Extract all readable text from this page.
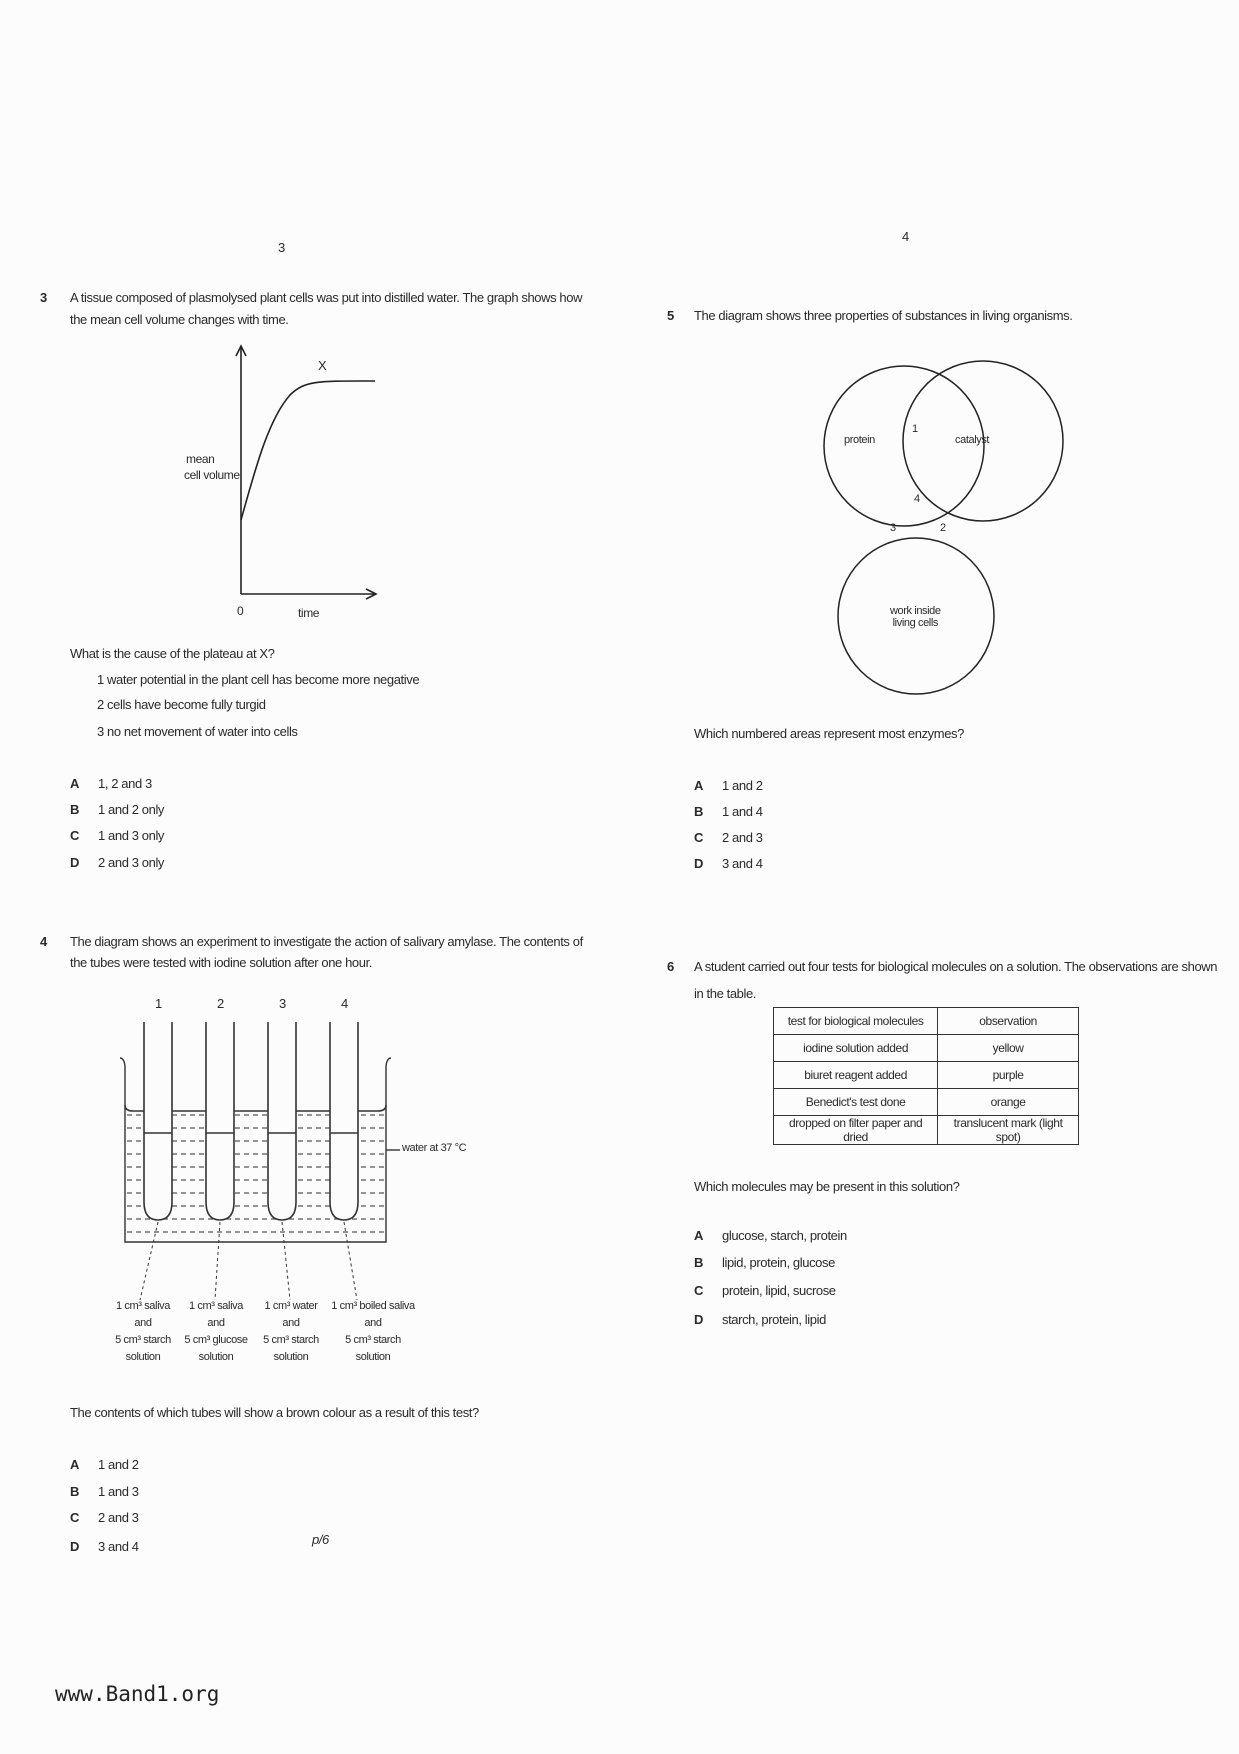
3
4
3 A tissue composed of plasmolysed plant cells was put into distilled water. The graph shows how
the mean cell volume changes with time.
X
mean
cell volume
0	time
What is the cause of the plateau at X?
1 water potential in the plant cell has become more negative
2 cells have become fully turgid
3 no net movement of water into cells
A 1, 2 and 3
B 1 and 2 only
C 1 and 3 only
D 2 and 3 only
4 The diagram shows an experiment to investigate the action of salivary amylase. The contents of
the tubes were tested with iodine solution after one hour.
1	2	3	4
water at 37 °C
1 cm³ saliva
and
5 cm³ starch
solution
1 cm³ saliva
and
5 cm³ glucose
solution
1 cm³ water
and
5 cm³ starch
solution
1 cm³ boiled saliva
and
5 cm³ starch
solution
The contents of which tubes will show a brown colour as a result of this test?
A 1 and 2
B 1 and 3
C 2 and 3
D 3 and 4	p/6
5 The diagram shows three properties of substances in living organisms.
protein	catalyst
work inside
living cells
1
2
3
4
Which numbered areas represent most enzymes?
A 1 and 2
B 1 and 4
C 2 and 3
D 3 and 4
6 A student carried out four tests for biological molecules on a solution. The observations are shown
in the table.
test for biological molecules	observation
iodine solution added	yellow
biuret reagent added	purple
Benedict's test done	orange
dropped on filter paper and dried	translucent mark (light spot)
Which molecules may be present in this solution?
A glucose, starch, protein
B lipid, protein, glucose
C protein, lipid, sucrose
D starch, protein, lipid
www.Band1.org
